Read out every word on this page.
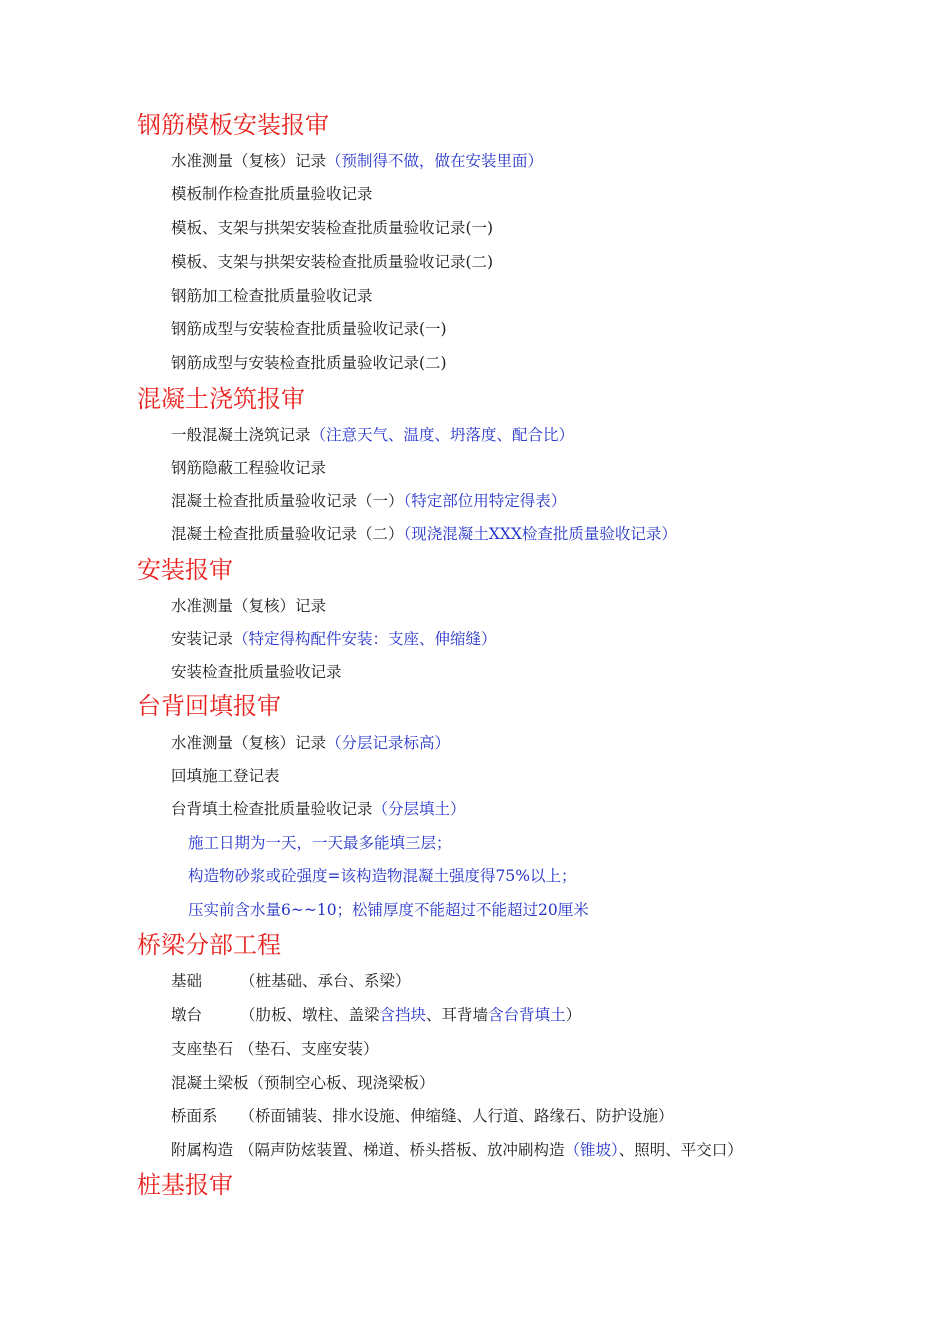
钢筋模板安装报审
水准测量（复核）记录（预制得不做，做在安装里面）
模板制作检查批质量验收记录
模板、支架与拱架安装检查批质量验收记录(一)
模板、支架与拱架安装检查批质量验收记录(二)
钢筋加工检查批质量验收记录
钢筋成型与安装检查批质量验收记录(一)
钢筋成型与安装检查批质量验收记录(二)
混凝土浇筑报审
一般混凝土浇筑记录（注意天气、温度、坍落度、配合比）
钢筋隐蔽工程验收记录
混凝土检查批质量验收记录（一）（特定部位用特定得表）
混凝土检查批质量验收记录（二）（现浇混凝土XXX检查批质量验收记录）
安装报审
水准测量（复核）记录
安装记录（特定得构配件安装：支座、伸缩缝）
安装检查批质量验收记录
台背回填报审
水准测量（复核）记录（分层记录标高）
回填施工登记表
台背填土检查批质量验收记录（分层填土）
施工日期为一天，一天最多能填三层；
构造物砂浆或砼强度=该构造物混凝土强度得75%以上；
压实前含水量6~~10；松铺厚度不能超过不能超过20厘米
桥梁分部工程
基础 （桩基础、承台、系梁）
墩台 （肋板、墩柱、盖梁含挡块、耳背墙含台背填土）
支座垫石 （垫石、支座安装）
混凝土梁板（预制空心板、现浇梁板）
桥面系 （桥面铺装、排水设施、伸缩缝、人行道、路缘石、防护设施）
附属构造 （隔声防炫装置、梯道、桥头搭板、放冲刷构造（锥坡）、照明、平交口）
桩基报审
